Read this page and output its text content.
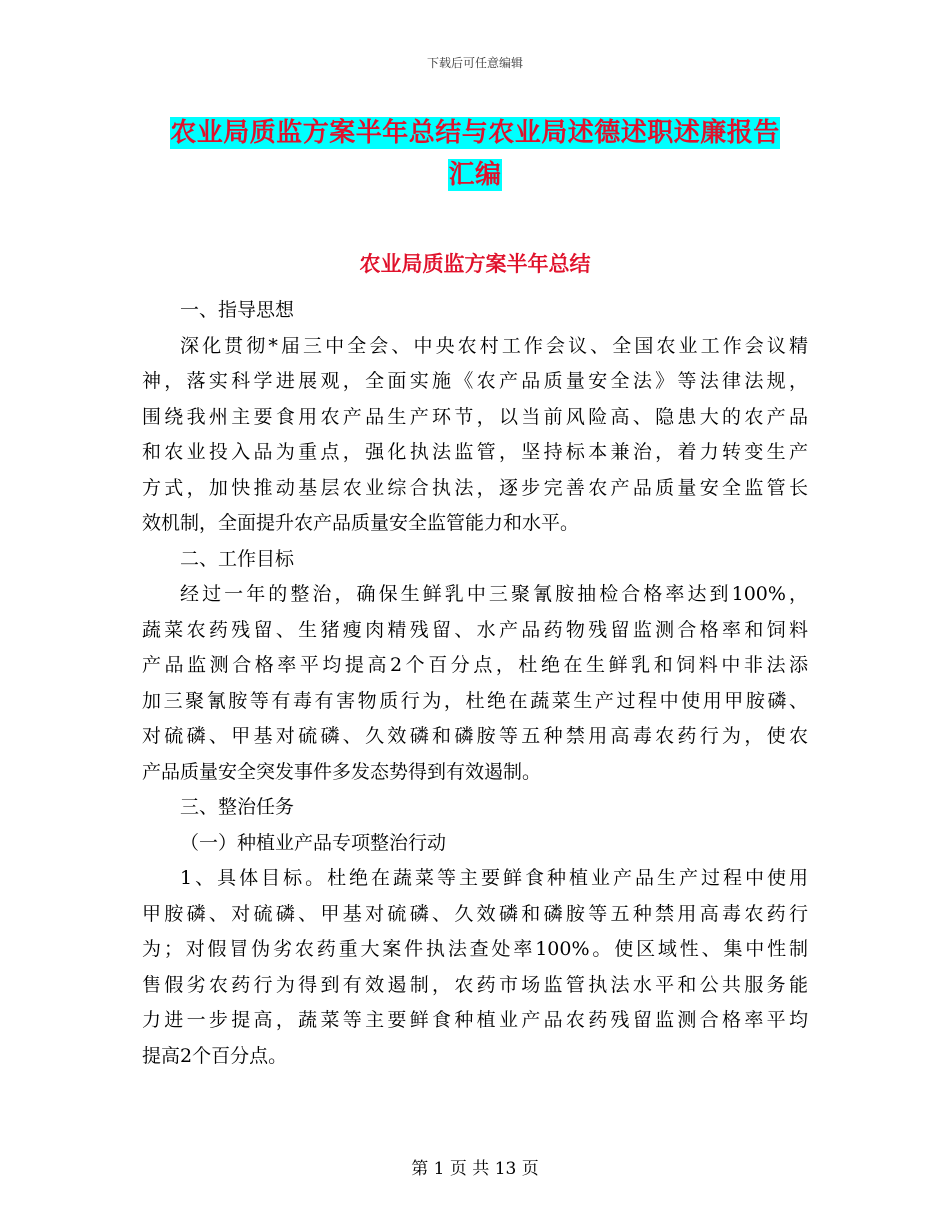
下载后可任意编辑
农业局质监方案半年总结与农业局述德述职述廉报告
汇编
农业局质监方案半年总结
一、指导思想
深化贯彻*届三中全会、中央农村工作会议、全国农业工作会议精
神，落实科学进展观，全面实施《农产品质量安全法》等法律法规，
围绕我州主要食用农产品生产环节，以当前风险高、隐患大的农产品
和农业投入品为重点，强化执法监管，坚持标本兼治，着力转变生产
方式，加快推动基层农业综合执法，逐步完善农产品质量安全监管长
效机制，全面提升农产品质量安全监管能力和水平。
二、工作目标
经过一年的整治，确保生鲜乳中三聚氰胺抽检合格率达到100%，
蔬菜农药残留、生猪瘦肉精残留、水产品药物残留监测合格率和饲料
产品监测合格率平均提高2个百分点，杜绝在生鲜乳和饲料中非法添
加三聚氰胺等有毒有害物质行为，杜绝在蔬菜生产过程中使用甲胺磷、
对硫磷、甲基对硫磷、久效磷和磷胺等五种禁用高毒农药行为，使农
产品质量安全突发事件多发态势得到有效遏制。
三、整治任务
（一）种植业产品专项整治行动
1、具体目标。杜绝在蔬菜等主要鲜食种植业产品生产过程中使用
甲胺磷、对硫磷、甲基对硫磷、久效磷和磷胺等五种禁用高毒农药行
为；对假冒伪劣农药重大案件执法查处率100%。使区域性、集中性制
售假劣农药行为得到有效遏制，农药市场监管执法水平和公共服务能
力进一步提高，蔬菜等主要鲜食种植业产品农药残留监测合格率平均
提高2个百分点。
第 1 页 共 13 页
